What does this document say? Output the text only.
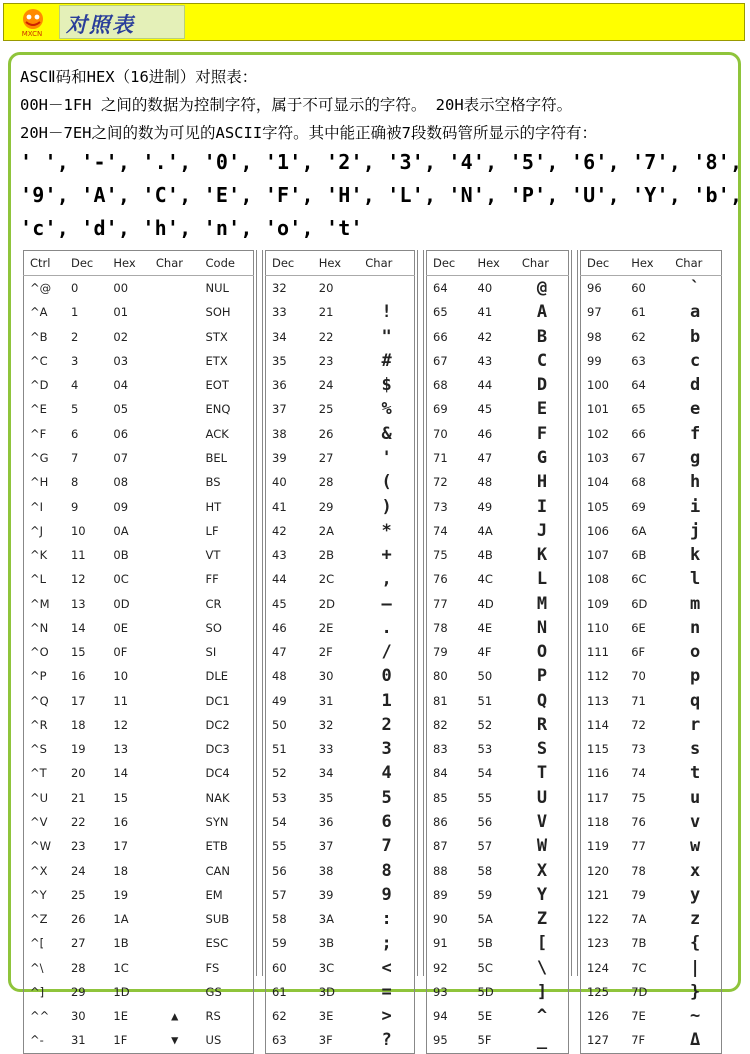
MXCN	对照表
ASCⅡ码和HEX（16进制）对照表：
00H－1FH 之间的数据为控制字符，属于不可显示的字符。 20H表示空格字符。
20H－7EH之间的数为可见的ASCII字符。其中能正确被7段数码管所显示的字符有：
' ', '-', '.', '0', '1', '2', '3', '4', '5', '6', '7', '8',
'9', 'A', 'C', 'E', 'F', 'H', 'L', 'N', 'P', 'U', 'Y', 'b',
'c', 'd', 'h', 'n', 'o', 't'
Ctrl	Dec	Hex	Char	Code
^@	0	00		NUL
^A	1	01		SOH
^B	2	02		STX
^C	3	03		ETX
^D	4	04		EOT
^E	5	05		ENQ
^F	6	06		ACK
^G	7	07		BEL
^H	8	08		BS
^I	9	09		HT
^J	10	0A		LF
^K	11	0B		VT
^L	12	0C		FF
^M	13	0D		CR
^N	14	0E		SO
^O	15	0F		SI
^P	16	10		DLE
^Q	17	11		DC1
^R	18	12		DC2
^S	19	13		DC3
^T	20	14		DC4
^U	21	15		NAK
^V	22	16		SYN
^W	23	17		ETB
^X	24	18		CAN
^Y	25	19		EM
^Z	26	1A		SUB
^[	27	1B		ESC
^\	28	1C		FS
^]	29	1D		GS
^^	30	1E	▲	RS
^-	31	1F	▼	US
Dec	Hex	Char
32	20	
33	21	!
34	22	"
35	23	#
36	24	$
37	25	%
38	26	&
39	27	'
40	28	(
41	29	)
42	2A	*
43	2B	+
44	2C	,
45	2D	—
46	2E	.
47	2F	/
48	30	0
49	31	1
50	32	2
51	33	3
52	34	4
53	35	5
54	36	6
55	37	7
56	38	8
57	39	9
58	3A	:
59	3B	;
60	3C	<
61	3D	=
62	3E	>
63	3F	?
Dec	Hex	Char
64	40	@
65	41	A
66	42	B
67	43	C
68	44	D
69	45	E
70	46	F
71	47	G
72	48	H
73	49	I
74	4A	J
75	4B	K
76	4C	L
77	4D	M
78	4E	N
79	4F	O
80	50	P
81	51	Q
82	52	R
83	53	S
84	54	T
85	55	U
86	56	V
87	57	W
88	58	X
89	59	Y
90	5A	Z
91	5B	[
92	5C	\
93	5D	]
94	5E	^
95	5F	_
Dec	Hex	Char
96	60	`
97	61	a
98	62	b
99	63	c
100	64	d
101	65	e
102	66	f
103	67	g
104	68	h
105	69	i
106	6A	j
107	6B	k
108	6C	l
109	6D	m
110	6E	n
111	6F	o
112	70	p
113	71	q
114	72	r
115	73	s
116	74	t
117	75	u
118	76	v
119	77	w
120	78	x
121	79	y
122	7A	z
123	7B	{
124	7C	|
125	7D	}
126	7E	~
127	7F	Δ
